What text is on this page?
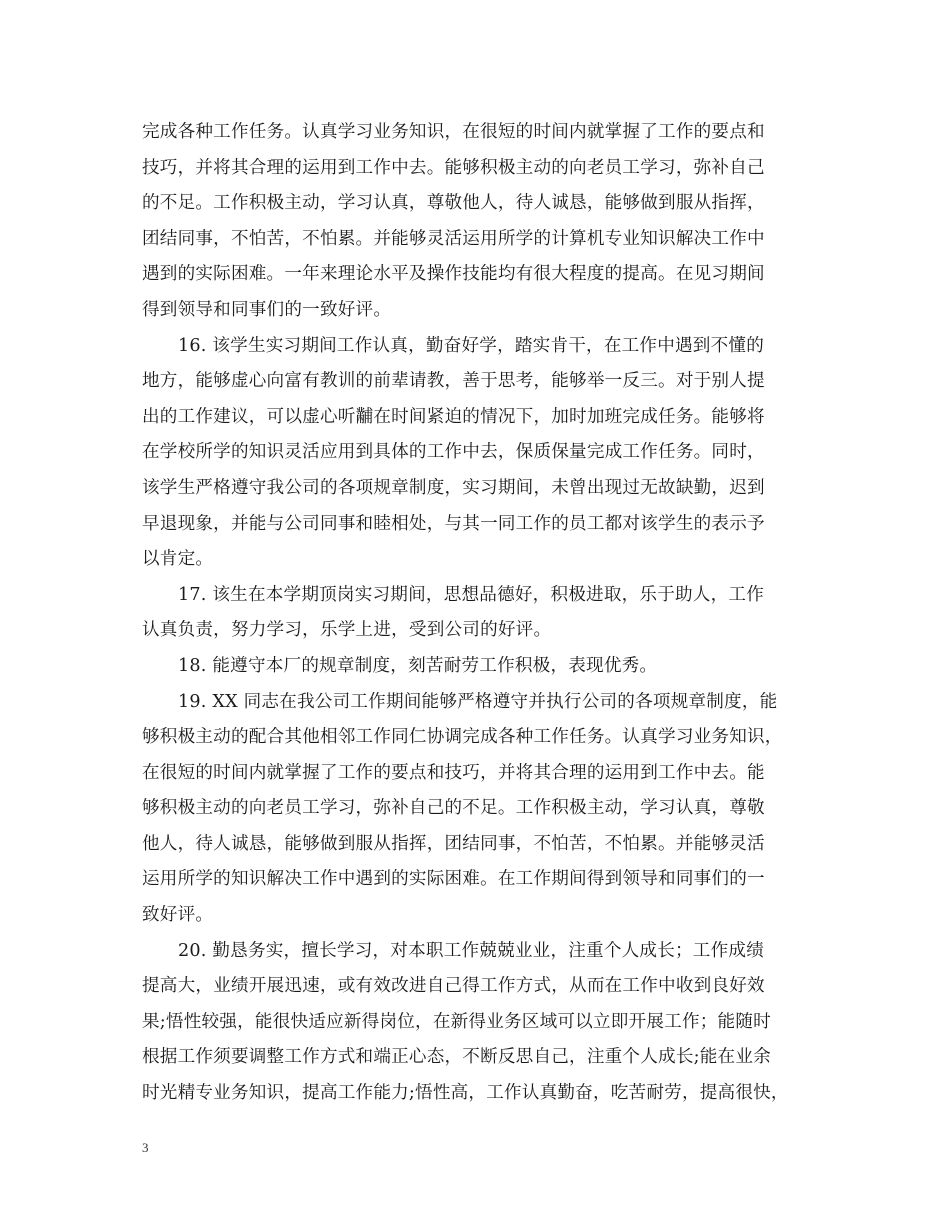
完成各种工作任务。认真学习业务知识，在很短的时间内就掌握了工作的要点和
技巧，并将其合理的运用到工作中去。能够积极主动的向老员工学习，弥补自己
的不足。工作积极主动，学习认真，尊敬他人，待人诚恳，能够做到服从指挥，
团结同事，不怕苦，不怕累。并能够灵活运用所学的计算机专业知识解决工作中
遇到的实际困难。一年来理论水平及操作技能均有很大程度的提高。在见习期间
得到领导和同事们的一致好评。
16. 该学生实习期间工作认真，勤奋好学，踏实肯干，在工作中遇到不懂的
地方，能够虚心向富有教训的前辈请教，善于思考，能够举一反三。对于别人提
出的工作建议，可以虚心听黼在时间紧迫的情况下，加时加班完成任务。能够将
在学校所学的知识灵活应用到具体的工作中去，保质保量完成工作任务。同时，
该学生严格遵守我公司的各项规章制度，实习期间，未曾出现过无故缺勤，迟到
早退现象，并能与公司同事和睦相处，与其一同工作的员工都对该学生的表示予
以肯定。
17. 该生在本学期顶岗实习期间，思想品德好，积极进取，乐于助人，工作
认真负责，努力学习，乐学上进，受到公司的好评。
18. 能遵守本厂的规章制度，刻苦耐劳工作积极，表现优秀。
19. XX 同志在我公司工作期间能够严格遵守并执行公司的各项规章制度，能
够积极主动的配合其他相邻工作同仁协调完成各种工作任务。认真学习业务知识，
在很短的时间内就掌握了工作的要点和技巧，并将其合理的运用到工作中去。能
够积极主动的向老员工学习，弥补自己的不足。工作积极主动，学习认真，尊敬
他人，待人诚恳，能够做到服从指挥，团结同事，不怕苦，不怕累。并能够灵活
运用所学的知识解决工作中遇到的实际困难。在工作期间得到领导和同事们的一
致好评。
20. 勤恳务实，擅长学习，对本职工作兢兢业业，注重个人成长；工作成绩
提高大，业绩开展迅速，或有效改进自己得工作方式，从而在工作中收到良好效
果;悟性较强，能很快适应新得岗位，在新得业务区域可以立即开展工作；能随时
根据工作须要调整工作方式和端正心态，不断反思自己，注重个人成长;能在业余
时光精专业务知识，提高工作能力;悟性高，工作认真勤奋，吃苦耐劳，提高很快，
3
